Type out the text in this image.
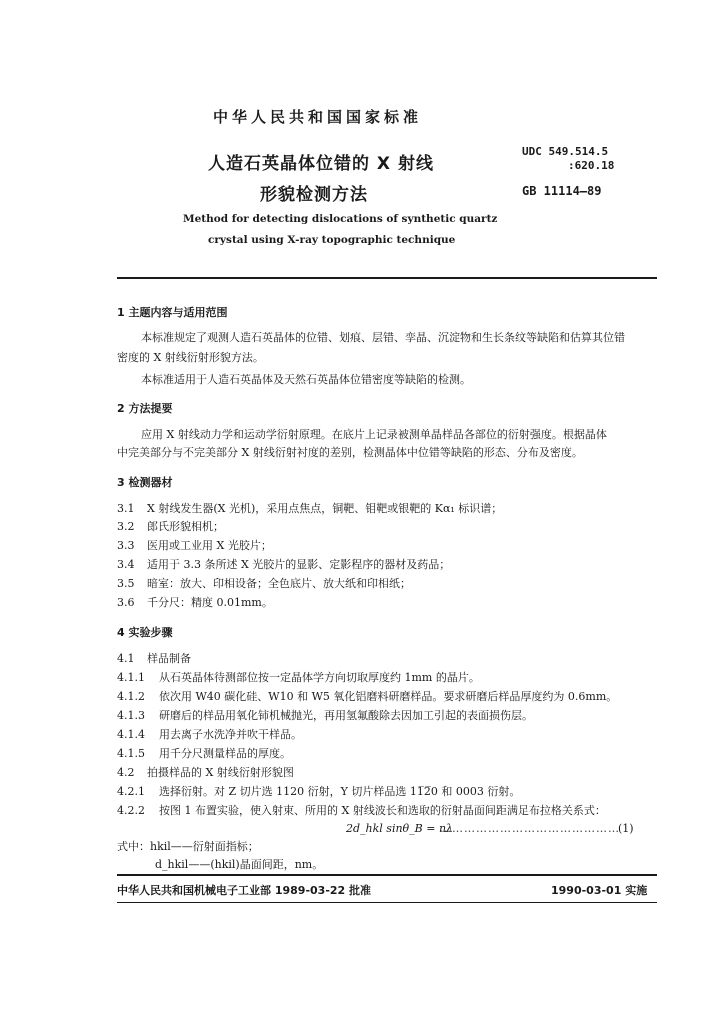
中华人民共和国国家标准
人造石英晶体位错的 X 射线
形貌检测方法
UDC 549.514.5
:620.18
GB 11114—89
Method for detecting dislocations of synthetic quartz
crystal using X-ray topographic technique
1 主题内容与适用范围
本标准规定了观测人造石英晶体的位错、划痕、层错、孪晶、沉淀物和生长条纹等缺陷和估算其位错
密度的 X 射线衍射形貌方法。
本标准适用于人造石英晶体及天然石英晶体位错密度等缺陷的检测。
2 方法提要
应用 X 射线动力学和运动学衍射原理。在底片上记录被测单晶样品各部位的衍射强度。根据晶体
中完美部分与不完美部分 X 射线衍射衬度的差别，检测晶体中位错等缺陷的形态、分布及密度。
3 检测器材
3.1 X 射线发生器(X 光机)，采用点焦点，铜靶、钼靶或银靶的 Kα₁ 标识谱；
3.2 郎氏形貌相机；
3.3 医用或工业用 X 光胶片；
3.4 适用于 3.3 条所述 X 光胶片的显影、定影程序的器材及药品；
3.5 暗室：放大、印相设备；全色底片、放大纸和印相纸；
3.6 千分尺：精度 0.01mm。
4 实验步骤
4.1 样品制备
4.1.1 从石英晶体待测部位按一定晶体学方向切取厚度约 1mm 的晶片。
4.1.2 依次用 W40 碳化硅、W10 和 W5 氧化铝磨料研磨样品。要求研磨后样品厚度约为 0.6mm。
4.1.3 研磨后的样品用氧化铈机械抛光，再用氢氟酸除去因加工引起的表面损伤层。
4.1.4 用去离子水洗净并吹干样品。
4.1.5 用千分尺测量样品的厚度。
4.2 拍摄样品的 X 射线衍射形貌图
4.2.1 选择衍射。对 Z 切片选 1120 衍射，Y 切片样品选 11̅2̅0 和 0003 衍射。
4.2.2 按图 1 布置实验，使入射束、所用的 X 射线波长和选取的衍射晶面间距满足布拉格关系式：
2d_hkl sinθ_B = nλ
………………………………………
(1)
式中：hkil——衍射面指标；
d_hkil——(hkil)晶面间距，nm。
中华人民共和国机械电子工业部 1989-03-22 批准	1990-03-01 实施
